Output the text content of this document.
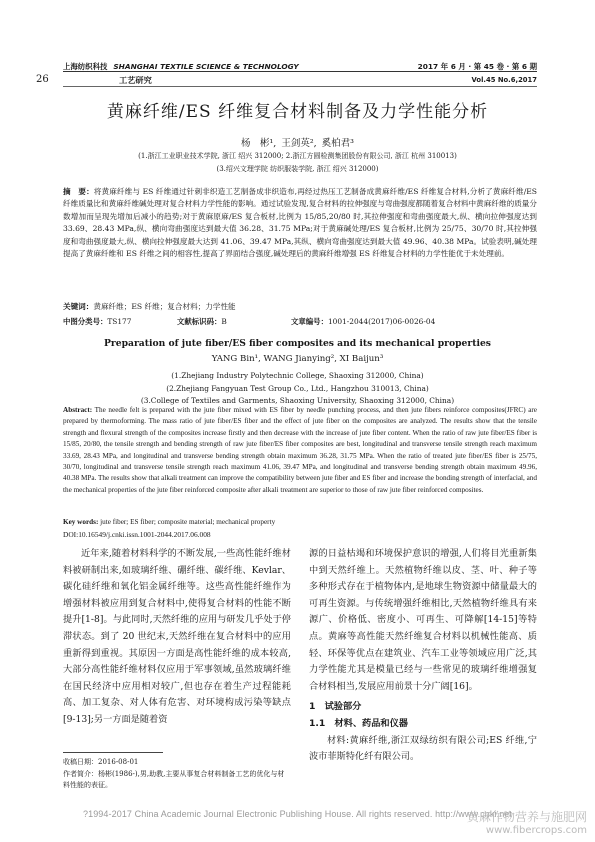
上海纺织科技 SHANGHAI TEXTILE SCIENCE & TECHNOLOGY	2017 年 6 月 · 第 45 卷 · 第 6 期
26	工艺研究	Vol.45 No.6,2017
黄麻纤维/ES 纤维复合材料制备及力学性能分析
杨　彬¹, 王剑英², 奚柏君³
(1.浙江工业职业技术学院, 浙江 绍兴 312000; 2.浙江方圆检测集团股份有限公司, 浙江 杭州 310013)
(3.绍兴文理学院 纺织服装学院, 浙江 绍兴 312000)
摘　要：将黄麻纤维与 ES 纤维通过针刺非织造工艺制备成非织造布,再经过热压工艺制备成黄麻纤维/ES 纤维复合材料,分析了黄麻纤维/ES 纤维质量比和黄麻纤维碱处理对复合材料力学性能的影响。通过试验发现,复合材料的拉伸强度与弯曲强度都随着复合材料中黄麻纤维的质量分数增加而呈现先增加后减小的趋势;对于黄麻原麻/ES 复合板材,比例为 15/85,20/80 时,其拉伸强度和弯曲强度最大,纵、横向拉伸强度达到 33.69、28.43 MPa,纵、横向弯曲强度达到最大值 36.28、31.75 MPa;对于黄麻碱处理/ES 复合板材,比例为 25/75、30/70 时,其拉伸强度和弯曲强度最大,纵、横向拉伸强度最大达到 41.06、39.47 MPa,其纵、横向弯曲强度达到最大值 49.96、40.38 MPa。试验表明,碱处理提高了黄麻纤维和 ES 纤维之间的相容性,提高了界面结合强度,碱处理后的黄麻纤维增强 ES 纤维复合材料的力学性能优于未处理前。
关键词：黄麻纤维；ES 纤维；复合材料；力学性能
中图分类号：TS177	文献标识码：B	文章编号：1001-2044(2017)06-0026-04
Preparation of jute fiber/ES fiber composites and its mechanical properties
YANG Bin¹, WANG Jianying², XI Baijun³
(1.Zhejiang Industry Polytechnic College, Shaoxing 312000, China)
(2.Zhejiang Fangyuan Test Group Co., Ltd., Hangzhou 310013, China)
(3.College of Textiles and Garments, Shaoxing University, Shaoxing 312000, China)
Abstract: The needle felt is prepared with the jute fiber mixed with ES fiber by needle punching process, and then jute fibers reinforce composites(JFRC) are prepared by thermoforming. The mass ratio of jute fiber/ES fiber and the effect of jute fiber on the composites are analyzed. The results show that the tensile strength and flexural strength of the composites increase firstly and then decrease with the increase of jute fiber content. When the ratio of raw jute fiber/ES fiber is 15/85, 20/80, the tensile strength and bending strength of raw jute fiber/ES fiber composites are best, longitudinal and transverse tensile strength reach maximum 33.69, 28.43 MPa, and longitudinal and transverse bending strength obtain maximum 36.28, 31.75 MPa. When the ratio of treated jute fiber/ES fiber is 25/75, 30/70, longitudinal and transverse tensile strength reach maximum 41.06, 39.47 MPa, and longitudinal and transverse bending strength obtain maximum 49.96, 40.38 MPa. The results show that alkali treatment can improve the compatibility between jute fiber and ES fiber and increase the bonding strength of interfacial, and the mechanical properties of the jute fiber reinforced composite after alkali treatment are superior to those of raw jute fiber reinforced composites.
Key words: jute fiber; ES fiber; composite material; mechanical property
DOI:10.16549/j.cnki.issn.1001-2044.2017.06.008
近年来,随着材料科学的不断发展,一些高性能纤维材料被研制出来,如玻璃纤维、硼纤维、碳纤维、Kevlar、碳化硅纤维和氧化铝金属纤维等。这些高性能纤维作为增强材料被应用到复合材料中,使得复合材料的性能不断提升[1-8]。与此同时,天然纤维的应用与研发几乎处于停滞状态。到了 20 世纪末,天然纤维在复合材料中的应用重新得到重视。其原因一方面是高性能纤维的成本较高,大部分高性能纤维材料仅应用于军事领域,虽然玻璃纤维在国民经济中应用相对较广,但也存在着生产过程能耗高、加工复杂、对人体有危害、对环境构成污染等缺点[9-13];另一方面是随着资
源的日益枯竭和环境保护意识的增强,人们将目光重新集中到天然纤维上。天然植物纤维以皮、茎、叶、种子等多种形式存在于植物体内,是地球生物资源中储量最大的可再生资源。与传统增强纤维相比,天然植物纤维具有来源广、价格低、密度小、可再生、可降解[14-15]等特点。黄麻等高性能天然纤维复合材料以机械性能高、质轻、环保等优点在建筑业、汽车工业等领域应用广泛,其力学性能尤其是模量已经与一些常见的玻璃纤维增强复合材料相当,发展应用前景十分广阔[16]。
1　试验部分
1.1　材料、药品和仪器
材料:黄麻纤维,浙江双绿纺织有限公司;ES 纤维,宁波市菲斯特化纤有限公司。
收稿日期：2016-08-01
作者简介：杨彬(1986-),男,助教,主要从事复合材料制备工艺的优化与材料性能的表征。
?1994-2017 China Academic Journal Electronic Publishing House. All rights reserved. http://www.cnki.net
黄麻作物营养与施肥网
www.fibercrops.com
